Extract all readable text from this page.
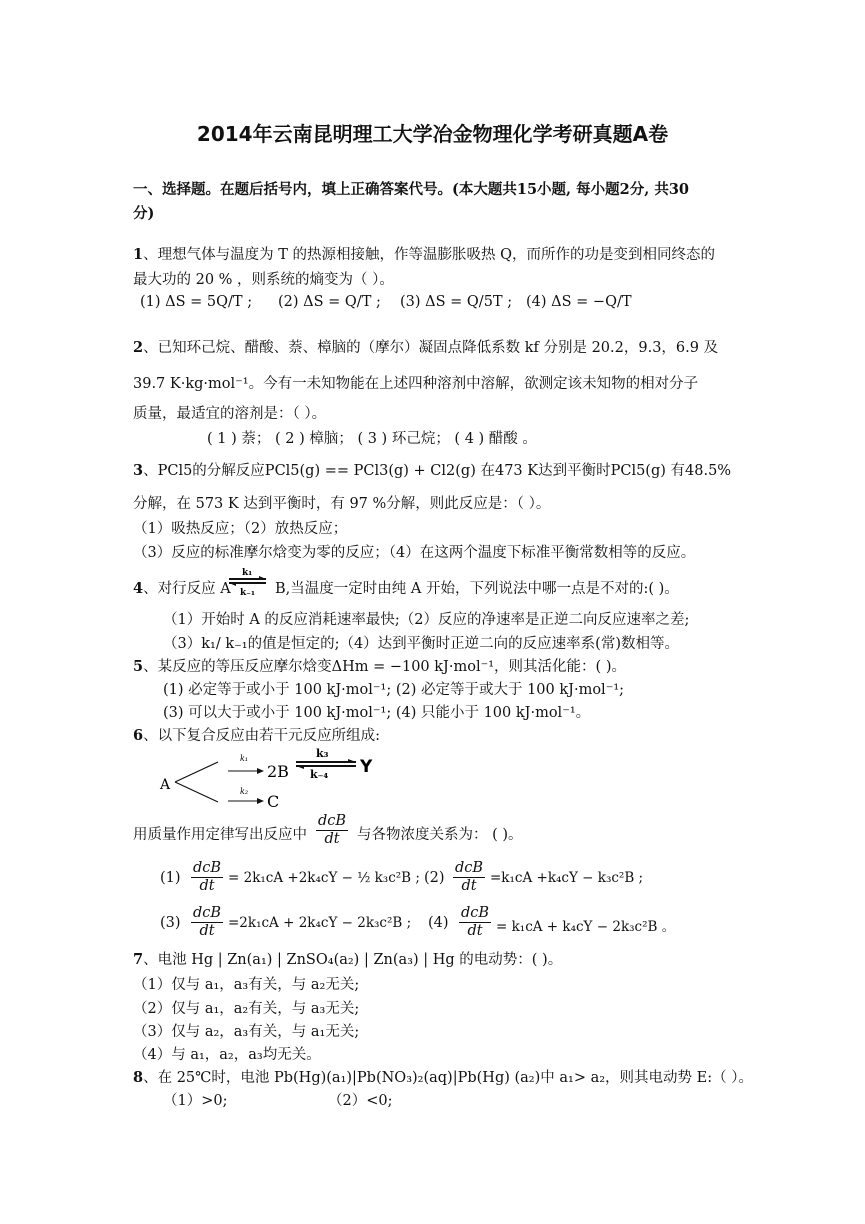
2014年云南昆明理工大学冶金物理化学考研真题A卷
一、选择题。在题后括号内，填上正确答案代号。(本大题共15小题, 每小题2分, 共30
分)
1、理想气体与温度为 T 的热源相接触，作等温膨胀吸热 Q，而所作的功是变到相同终态的
最大功的 20 % ，则系统的熵变为（ ）。
(1) ΔS = 5Q/T ; (2) ΔS = Q/T ; (3) ΔS = Q/5T ; (4) ΔS = −Q/T
2、已知环己烷、醋酸、萘、樟脑的（摩尔）凝固点降低系数 kf 分别是 20.2，9.3，6.9 及
39.7 K·kg·mol⁻¹。今有一未知物能在上述四种溶剂中溶解，欲测定该未知物的相对分子
质量，最适宜的溶剂是：（ ）。
( 1 ) 萘； ( 2 ) 樟脑； ( 3 ) 环己烷； ( 4 ) 醋酸 。
3、PCl5的分解反应PCl5(g) == PCl3(g) + Cl2(g) 在473 K达到平衡时PCl5(g) 有48.5%
分解，在 573 K 达到平衡时，有 97 %分解，则此反应是：（ ）。
（1）吸热反应；（2）放热反应；
（3）反应的标准摩尔焓变为零的反应；（4）在这两个温度下标准平衡常数相等的反应。
4、对行反应 A
k₁
k₋₁ B,当温度一定时由纯 A 开始，下列说法中哪一点是不对的:( )。
（1）开始时 A 的反应消耗速率最快;（2）反应的净速率是正逆二向反应速率之差;
（3）k₁/ k₋₁的值是恒定的;（4）达到平衡时正逆二向的反应速率系(常)数相等。
5、某反应的等压反应摩尔焓变ΔHm = −100 kJ·mol⁻¹，则其活化能：( )。
(1) 必定等于或小于 100 kJ·mol⁻¹; (2) 必定等于或大于 100 kJ·mol⁻¹;
(3) 可以大于或小于 100 kJ·mol⁻¹; (4) 只能小于 100 kJ·mol⁻¹。
6、以下复合反应由若干元反应所组成:
A
k₁
2B
k₂
C
k₃
k₋₄ Y
用质量作用定律写出反应中 $\frac{\text{dcB}}{dt}$ 与各物浓度关系为： ( )。
$(1) \frac{\text{dcB}}{dt} = 2k_1cA +2k_4cY$ − ½ k₃c²B ; $(2) \frac{\text{dcB}}{dt} =k_1cA +k_4cY - k_3c^2B$ ;
$(3) \frac{\text{dcB}}{dt} =2k_1cA + 2k_4cY - 2k_3c^2B$ ; $(4) \frac{\text{dcB}}{dt} = k_1cA + k_4cY - 2k_3c^2B$ 。
7、电池 Hg | Zn(a₁) | ZnSO₄(a₂) | Zn(a₃) | Hg 的电动势：( )。
（1）仅与 a₁，a₃有关，与 a₂无关;
（2）仅与 a₁，a₂有关，与 a₃无关;
（3）仅与 a₂，a₃有关，与 a₁无关;
（4）与 a₁，a₂，a₃均无关。
8、在 25℃时，电池 Pb(Hg)(a₁)|Pb(NO₃)₂(aq)|Pb(Hg) (a₂)中 a₁> a₂，则其电动势 E:（ ）。
（1）>0;	（2）<0;
